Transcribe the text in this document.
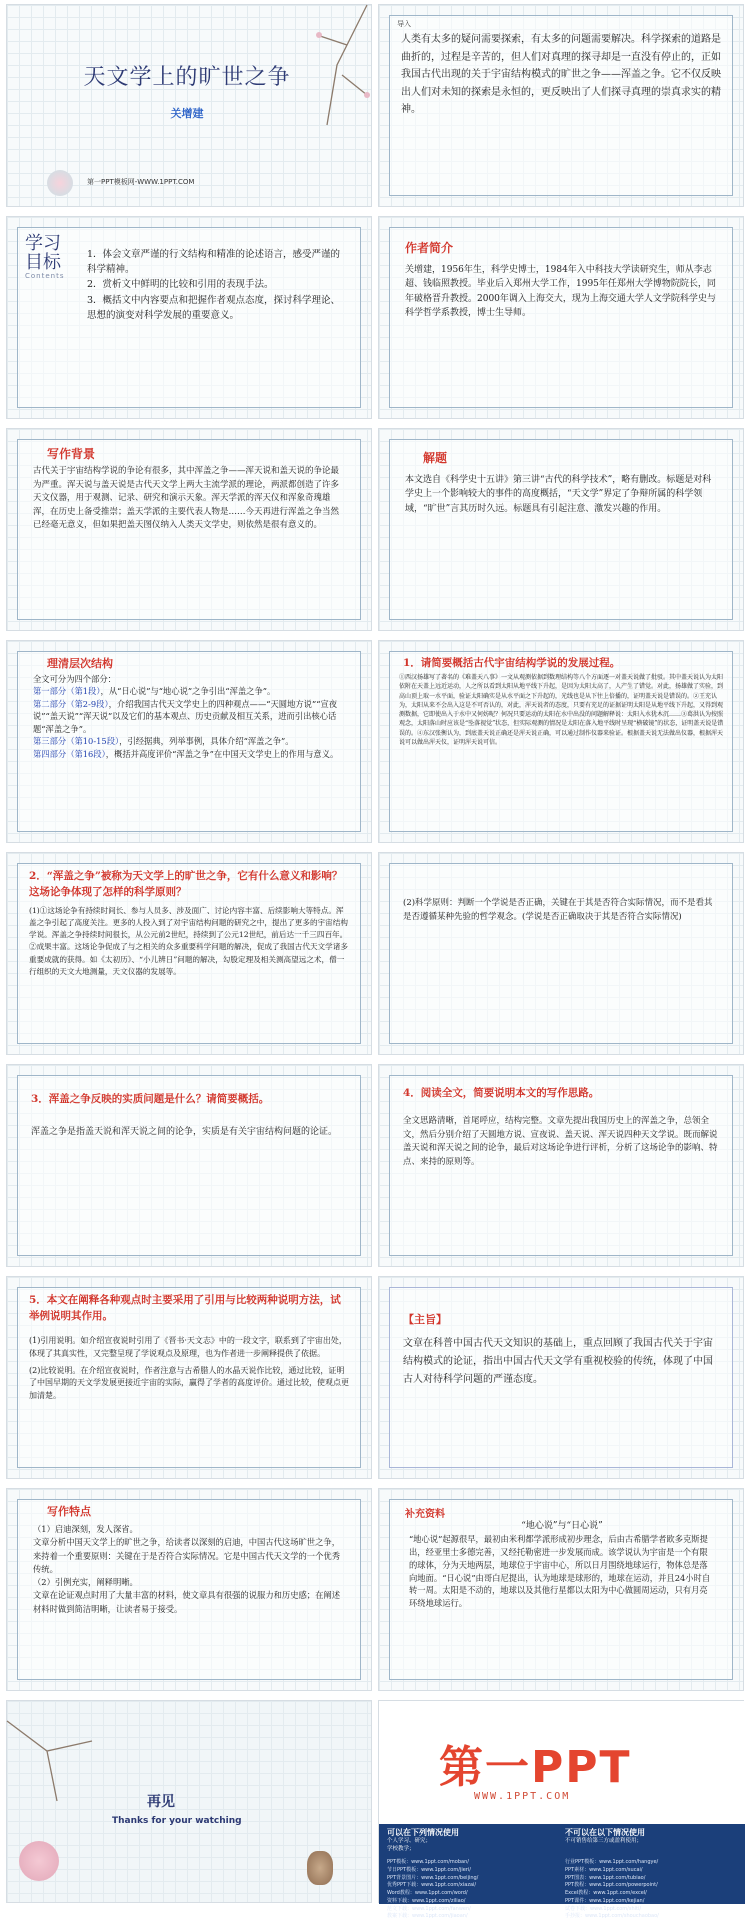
天文学上的旷世之争
关增建
第一PPT模板网-WWW.1PPT.COM
导入
人类有太多的疑问需要探索，有太多的问题需要解决。科学探索的道路是曲折的，过程是辛苦的，但人们对真理的探寻却是一直没有停止的，正如我国古代出现的关于宇宙结构模式的旷世之争——浑盖之争。它不仅反映出人们对未知的探索是永恒的，更反映出了人们探寻真理的崇真求实的精神。
学习目标
Contents
1．体会文章严谨的行文结构和精准的论述语言，感受严谨的科学精神。
2．赏析文中鲜明的比较和引用的表现手法。
3．概括文中内容要点和把握作者观点态度，探讨科学理论、思想的演变对科学发展的重要意义。
作者简介
关增建，1956年生，科学史博士，1984年入中科技大学读研究生，师从李志超、钱临照教授。毕业后入郑州大学工作，1995年任郑州大学博物院院长，同年破格晋升教授。2000年调入上海交大，现为上海交通大学人文学院科学史与科学哲学系教授，博士生导师。
写作背景
古代关于宇宙结构学说的争论有很多，其中浑盖之争——浑天说和盖天说的争论最为严重。浑天说与盖天说是古代天文学上两大主流学派的理论，两派都创造了许多天文仪器，用于观测、记录、研究和演示天象。浑天学派的浑天仪和浑象奇瑰雄浑，在历史上备受推崇；盖天学派的主要代表人物是……今天再进行浑盖之争当然已经毫无意义，但如果把盖天图仪纳入人类天文学史，则依然是很有意义的。
解题
本文选自《科学史十五讲》第三讲“古代的科学技术”，略有删改。标题是对科学史上一个影响较大的事件的高度概括，“天文学”界定了争辩所属的科学领域，“旷世”言其历时久远。标题具有引起注意、激发兴趣的作用。
理清层次结构
全文可分为四个部分：
第一部分（第1段），从“日心说”与“地心说”之争引出“浑盖之争”。
第二部分（第2-9段），介绍我国古代天文学史上的四种观点——“天圆地方说”“宣夜说”“盖天说”“浑天说”以及它们的基本观点、历史贡献及相互关系，进而引出核心话题“浑盖之争”。
第三部分（第10-15段），引经据典，列举事例，具体介绍“浑盖之争”。
第四部分（第16段），概括并高度评价“浑盖之争”在中国天文学史上的作用与意义。
1．请简要概括古代宇宙结构学说的发展过程。
①西汉扬雄写了著名的《难盖天八事》一文从观测依据到数理结构等八个方面逐一对盖天说做了批驳。其中盖天说认为太阳依附在天盖上远近运动，人之所以看到太阳从地平线下升起，是因为太阳太高了，人产生了错觉。对此，扬雄做了实验，到高山顶上取一水平面，验证太阳确实是从水平面之下升起的，光线也是从下往上倍播的，证明盖天说是错误的。②王充认为，太阳从来不会出入这是不可否认的，对此，浑天说者的态度，只要有充足的证据证明太阳是从地平线下升起，又得到观测数据，它即使出入于水中又何妨呢？何况只要运动的太阳在水中出没的问题解释说：太阳入水犹木沉……③葛洪认为按照观念，太阳落山时应该是“坠落视觉”状态，但实际观测的情况是太阳在落入地平线时呈现“横破镜”的状态，证明盖天说是错误的。④东汉张衡认为，到底盖天说正确还是浑天说正确，可以通过制作仪器来验证。根据盖天说无法做出仪器，根据浑天说可以做出浑天仪，证明浑天说可信。
2．“浑盖之争”被称为天文学上的旷世之争，它有什么意义和影响？这场论争体现了怎样的科学原则？
(1)①这场论争有持续时间长、参与人员多、涉及面广、讨论内容丰富、后续影响大等特点。浑盖之争引起了高度关注。更多的人投入到了对宇宙结构问题的研究之中，提出了更多的宇宙结构学说。浑盖之争持续时间很长，从公元前2世纪，持续到了公元12世纪，前后达一千三四百年。②成果丰富。这场论争促成了与之相关的众多重要科学问题的解决，促成了我国古代天文学诸多重要成就的获得。如《太初历》、“小儿辨日”问题的解决，勾股定理及相关测高望远之术，僧一行组织的天文大地测量，天文仪器的发展等。
(2)科学原则：判断一个学说是否正确，关键在于其是否符合实际情况，而不是看其是否遵循某种先验的哲学观念。(学说是否正确取决于其是否符合实际情况)
3．浑盖之争反映的实质问题是什么？请简要概括。
浑盖之争是指盖天说和浑天说之间的论争，实质是有关宇宙结构问题的论证。
4．阅读全文，简要说明本文的写作思路。
全文思路清晰，首尾呼应，结构完整。文章先提出我国历史上的浑盖之争，总领全文，然后分别介绍了天圆地方说、宣夜说、盖天说、浑天说四种天文学说。既而解说盖天说和浑天说之间的论争，最后对这场论争进行评析，分析了这场论争的影响、特点、来持的原则等。
5．本文在阐释各种观点时主要采用了引用与比较两种说明方法，试举例说明其作用。
(1)引用说明。如介绍宣夜说时引用了《晋书·天文志》中的一段文字，联系到了宇宙出处，体现了其真实性，又完整呈现了学说观点及原理，也为作者进一步阐释提供了依据。
(2)比较说明。在介绍宣夜说时，作者注意与古希腊人的水晶天说作比较，通过比较，证明了中国早期的天文学发展更接近宇宙的实际，赢得了学者的高度评价。通过比较，使观点更加清楚。
【主旨】
文章在科普中国古代天文知识的基础上，重点回顾了我国古代关于宇宙结构模式的论证，指出中国古代天文学有重视校验的传统，体现了中国古人对待科学问题的严谨态度。
写作特点
（1）启迪深刻，发人深省。
文章分析中国天文学上的旷世之争，给读者以深刻的启迪，中国古代这场旷世之争，来持着一个重要原则：关键在于是否符合实际情况。它是中国古代天文学的一个优秀传统。
（2）引例充实，阐释明晰。
文章在论证观点时用了大量丰富的材料，使文章具有很强的说服力和历史感；在阐述材料时做到简洁明晰，让读者易于接受。
补充资料
“地心说”与“日心说”
“地心说”起源很早，最初由米利都学派形成初步理念，后由古希腊学者欧多克斯提出，经亚里士多德完善，又经托勒密进一步发展而成。该学说认为宇宙是一个有限的球体，分为天地两层，地球位于宇宙中心，所以日月围绕地球运行，物体总是落向地面。“日心说”由哥白尼提出，认为地球是球形的，地球在运动，并且24小时自转一周。太阳是不动的，地球以及其他行星都以太阳为中心做圆周运动，只有月亮环绕地球运行。
再见
Thanks for your watching
第一PPT
WWW.1PPT.COM
可以在下列情况使用
个人学习、研究；
学校教学；
不可以在以下情况使用
不可销售给第三方或盈利使用；
PPT模板：www.1ppt.com/moban/
节日PPT模板：www.1ppt.com/jieri/
PPT背景图片：www.1ppt.com/beijing/
优秀PPT下载：www.1ppt.com/xiazai/
Word教程：www.1ppt.com/word/
资料下载：www.1ppt.com/ziliao/
范文下载：www.1ppt.com/fanwen/
教案下载：www.1ppt.com/jiaoan/
行业PPT模板：www.1ppt.com/hangye/
PPT素材：www.1ppt.com/sucai/
PPT图表：www.1ppt.com/tubiao/
PPT教程：www.1ppt.com/powerpoint/
Excel教程：www.1ppt.com/excel/
PPT课件：www.1ppt.com/kejian/
试卷下载：www.1ppt.com/shiti/
手抄报：www.1ppt.com/shouchaobao/
